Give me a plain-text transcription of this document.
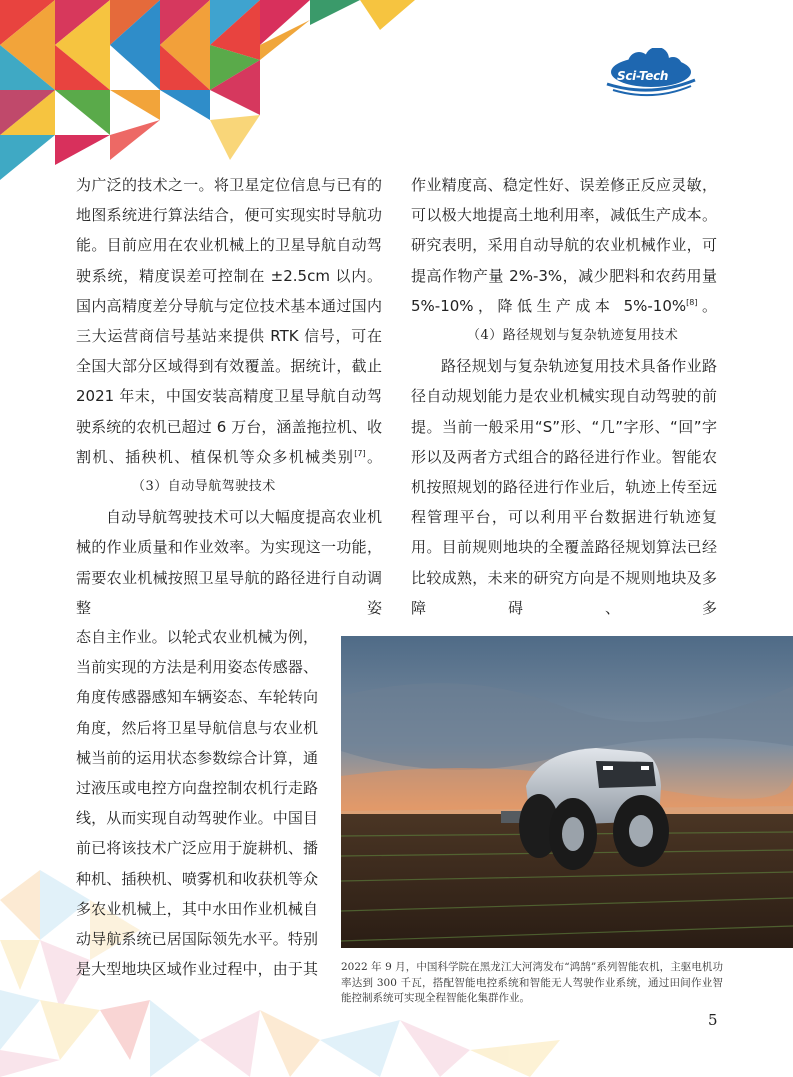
Sci-Tech

为广泛的技术之一。将卫星定位信息与已有的地图系统进行算法结合，便可实现实时导航功能。目前应用在农业机械上的卫星导航自动驾驶系统，精度误差可控制在 ±2.5cm 以内。国内高精度差分导航与定位技术基本通过国内三大运营商信号基站来提供 RTK 信号，可在全国大部分区域得到有效覆盖。据统计，截止 2021 年末，中国安装高精度卫星导航自动驾驶系统的农机已超过 6 万台，涵盖拖拉机、收割机、插秧机、植保机等众多机械类别[7]。

（3）自动导航驾驶技术

自动导航驾驶技术可以大幅度提高农业机械的作业质量和作业效率。为实现这一功能，需要农业机械按照卫星导航的路径进行自动调整姿

态自主作业。以轮式农业机械为例，当前实现的方法是利用姿态传感器、角度传感器感知车辆姿态、车轮转向角度，然后将卫星导航信息与农业机械当前的运用状态参数综合计算，通过液压或电控方向盘控制农机行走路线，从而实现自动驾驶作业。中国目前已将该技术广泛应用于旋耕机、播种机、插秧机、喷雾机和收获机等众多农业机械上，其中水田作业机械自动导航系统已居国际领先水平。特别是大型地块区域作业过程中，由于其

作业精度高、稳定性好、误差修正反应灵敏，可以极大地提高土地利用率，减低生产成本。研究表明，采用自动导航的农业机械作业，可提高作物产量 2%-3%，减少肥料和农药用量 5%-10%，降低生产成本 5%-10%[8]。

（4）路径规划与复杂轨迹复用技术

路径规划与复杂轨迹复用技术具备作业路径自动规划能力是农业机械实现自动驾驶的前提。当前一般采用“S”形、“几”字形、“回”字形以及两者方式组合的路径进行作业。智能农机按照规划的路径进行作业后，轨迹上传至远程管理平台，可以利用平台数据进行轨迹复用。目前规则地块的全覆盖路径规划算法已经比较成熟，未来的研究方向是不规则地块及多障碍、多

2022 年 9 月，中国科学院在黑龙江大河湾发布“鸿鹄”系列智能农机，主驱电机功率达到 300 千瓦，搭配智能电控系统和智能无人驾驶作业系统，通过田间作业智能控制系统可实现全程智能化集群作业。
5
